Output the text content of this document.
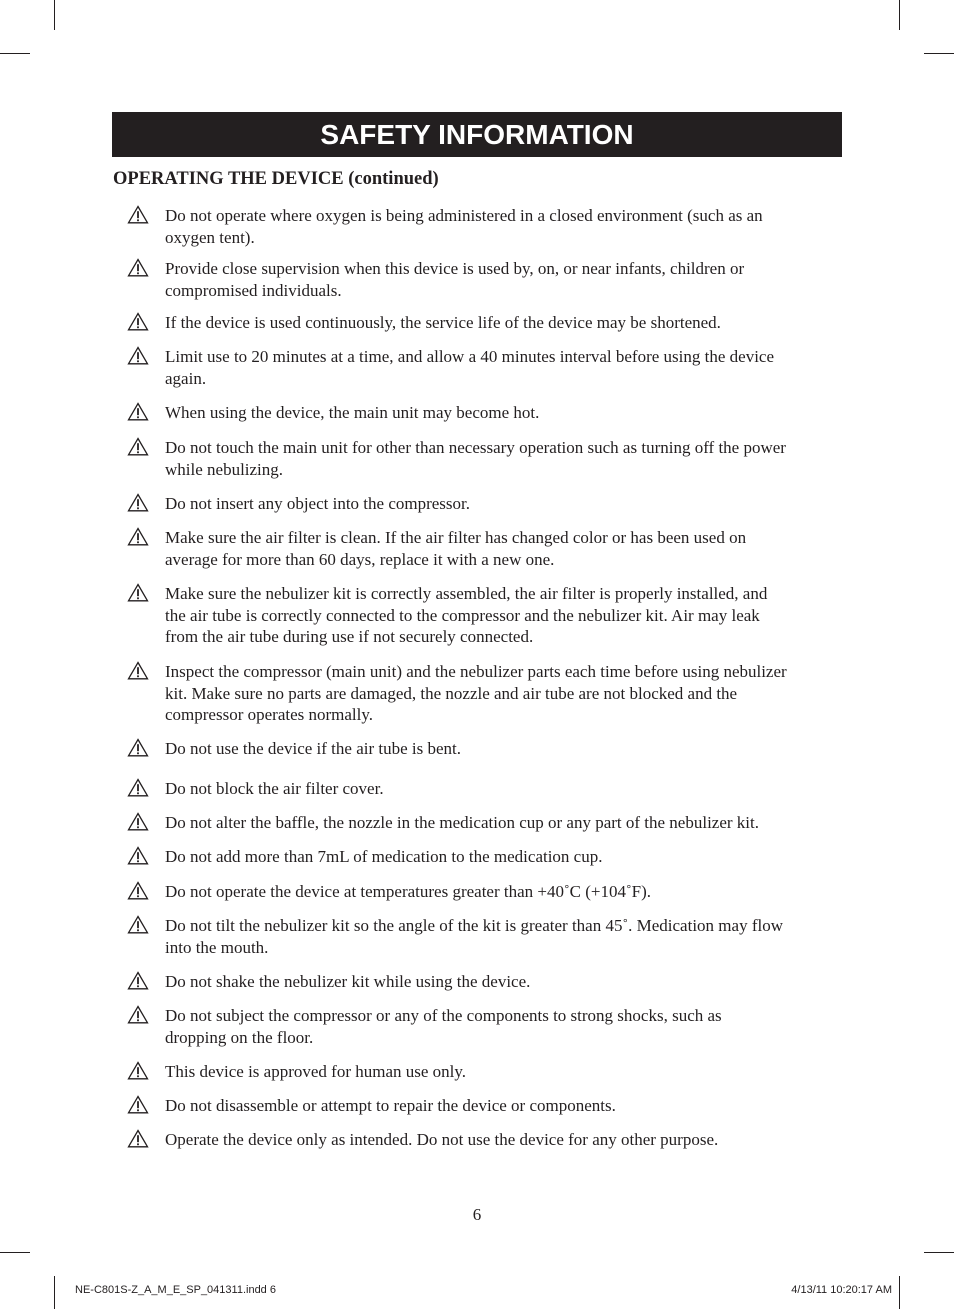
SAFETY INFORMATION
OPERATING THE DEVICE (continued)
Do not operate where oxygen is being administered in a closed environment (such as an oxygen tent).
Provide close supervision when this device is used by, on, or near infants, children or compromised individuals.
If the device is used continuously, the service life of the device may be shortened.
Limit use to 20 minutes at a time, and allow a 40 minutes interval before using the device again.
When using the device, the main unit may become hot.
Do not touch the main unit for other than necessary operation such as turning off the power while nebulizing.
Do not insert any object into the compressor.
Make sure the air filter is clean. If the air filter has changed color or has been used on average for more than 60 days, replace it with a new one.
Make sure the nebulizer kit is correctly assembled, the air filter is properly installed, and the air tube is correctly connected to the compressor and the nebulizer kit. Air may leak from the air tube during use if not securely connected.
Inspect the compressor (main unit) and the nebulizer parts each time before using nebulizer kit. Make sure no parts are damaged, the nozzle and air tube are not blocked and the compressor operates normally.
Do not use the device if the air tube is bent.
Do not block the air filter cover.
Do not alter the baffle, the nozzle in the medication cup or any part of the nebulizer kit.
Do not add more than 7mL of medication to the medication cup.
Do not operate the device at temperatures greater than +40˚C (+104˚F).
Do not tilt the nebulizer kit so the angle of the kit is greater than 45˚. Medication may flow into the mouth.
Do not shake the nebulizer kit while using the device.
Do not subject the compressor or any of the components to strong shocks, such as dropping on the floor.
This device is approved for human use only.
Do not disassemble or attempt to repair the device or components.
Operate the device only as intended. Do not use the device for any other purpose.
6
NE-C801S-Z_A_M_E_SP_041311.indd 6	4/13/11 10:20:17 AM
